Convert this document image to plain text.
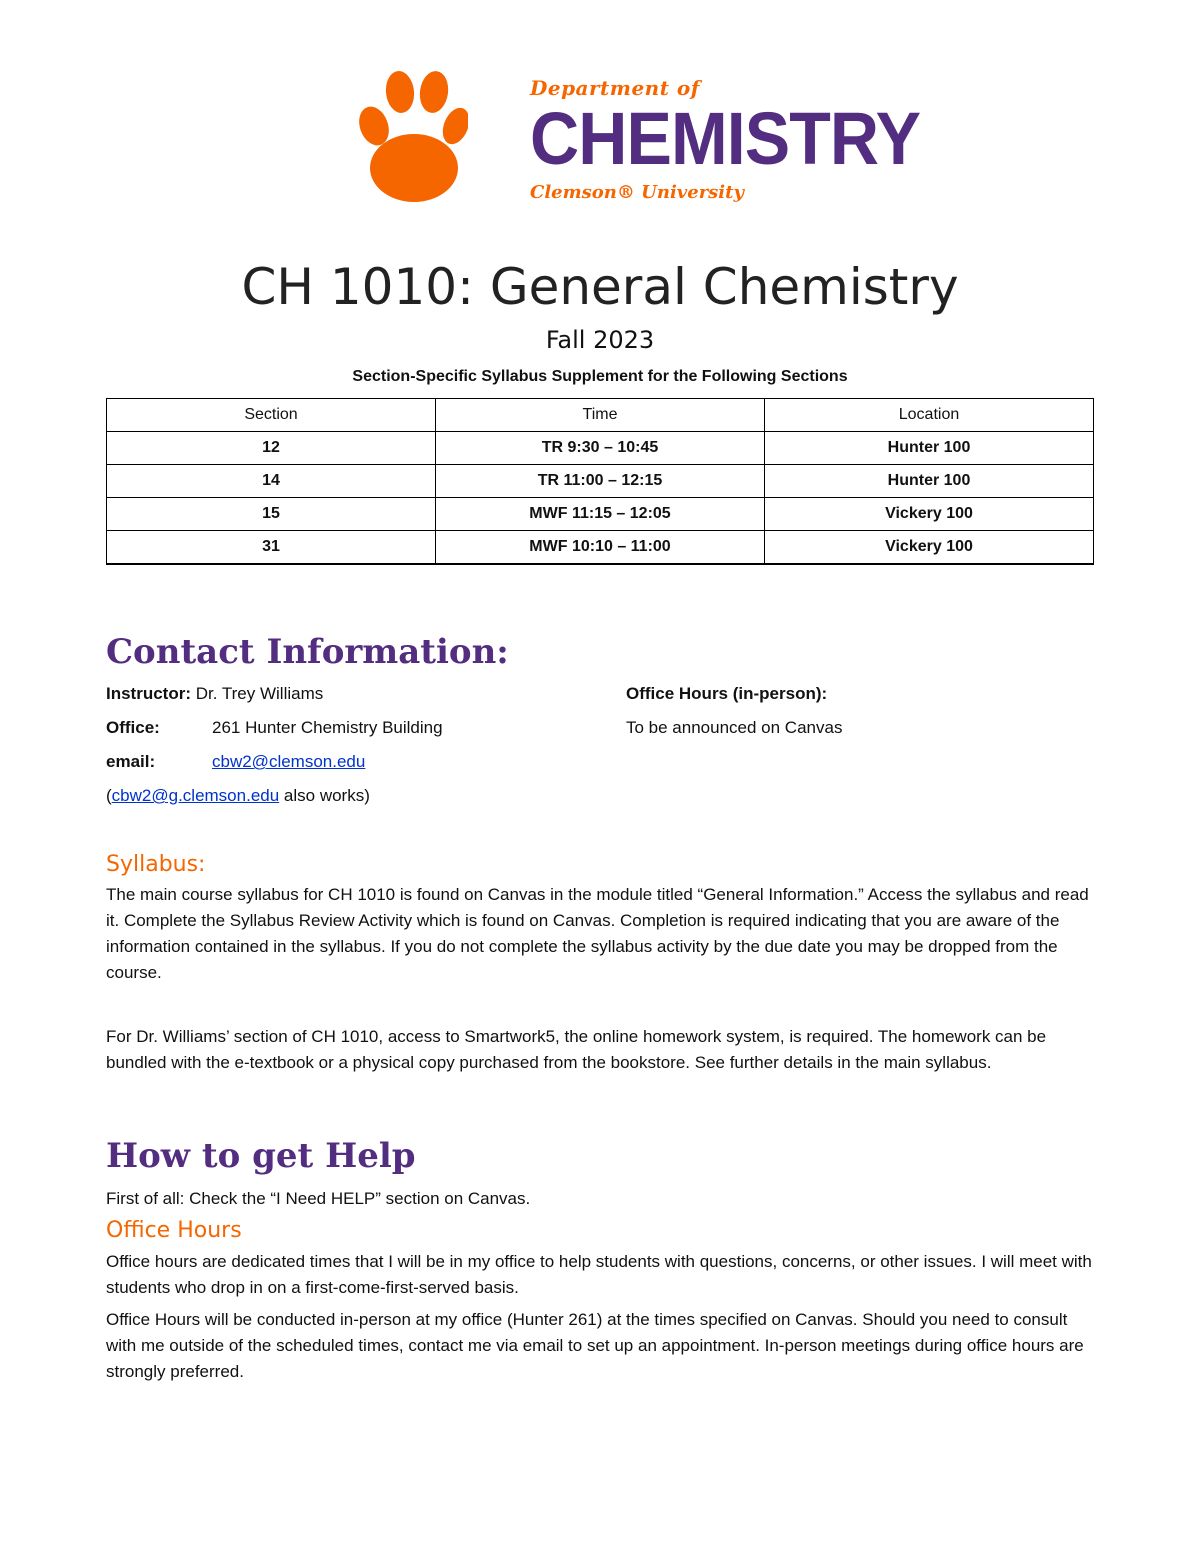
Department of
CHEMISTRY
Clemson® University
CH 1010: General Chemistry
Fall 2023
Section-Specific Syllabus Supplement for the Following Sections
Section	Time	Location
12	TR 9:30 – 10:45	Hunter 100
14	TR 11:00 – 12:15	Hunter 100
15	MWF 11:15 – 12:05	Vickery 100
31	MWF 10:10 – 11:00	Vickery 100
Contact Information:
Instructor: Dr. Trey Williams
Office:	261 Hunter Chemistry Building
email:	cbw2@clemson.edu
(cbw2@g.clemson.edu also works)
Office Hours (in-person):
To be announced on Canvas
Syllabus:

The main course syllabus for CH 1010 is found on Canvas in the module titled “General Information.” Access the syllabus and read it. Complete the Syllabus Review Activity which is found on Canvas. Completion is required indicating that you are aware of the information contained in the syllabus. If you do not complete the syllabus activity by the due date you may be dropped from the course.

For Dr. Williams’ section of CH 1010, access to Smartwork5, the online homework system, is required. The homework can be bundled with the e-textbook or a physical copy purchased from the bookstore. See further details in the main syllabus.

How to get Help

First of all: Check the “I Need HELP” section on Canvas.

Office Hours

Office hours are dedicated times that I will be in my office to help students with questions, concerns, or other issues. I will meet with students who drop in on a first-come-first-served basis.

Office Hours will be conducted in-person at my office (Hunter 261) at the times specified on Canvas. Should you need to consult with me outside of the scheduled times, contact me via email to set up an appointment. In-person meetings during office hours are strongly preferred.
